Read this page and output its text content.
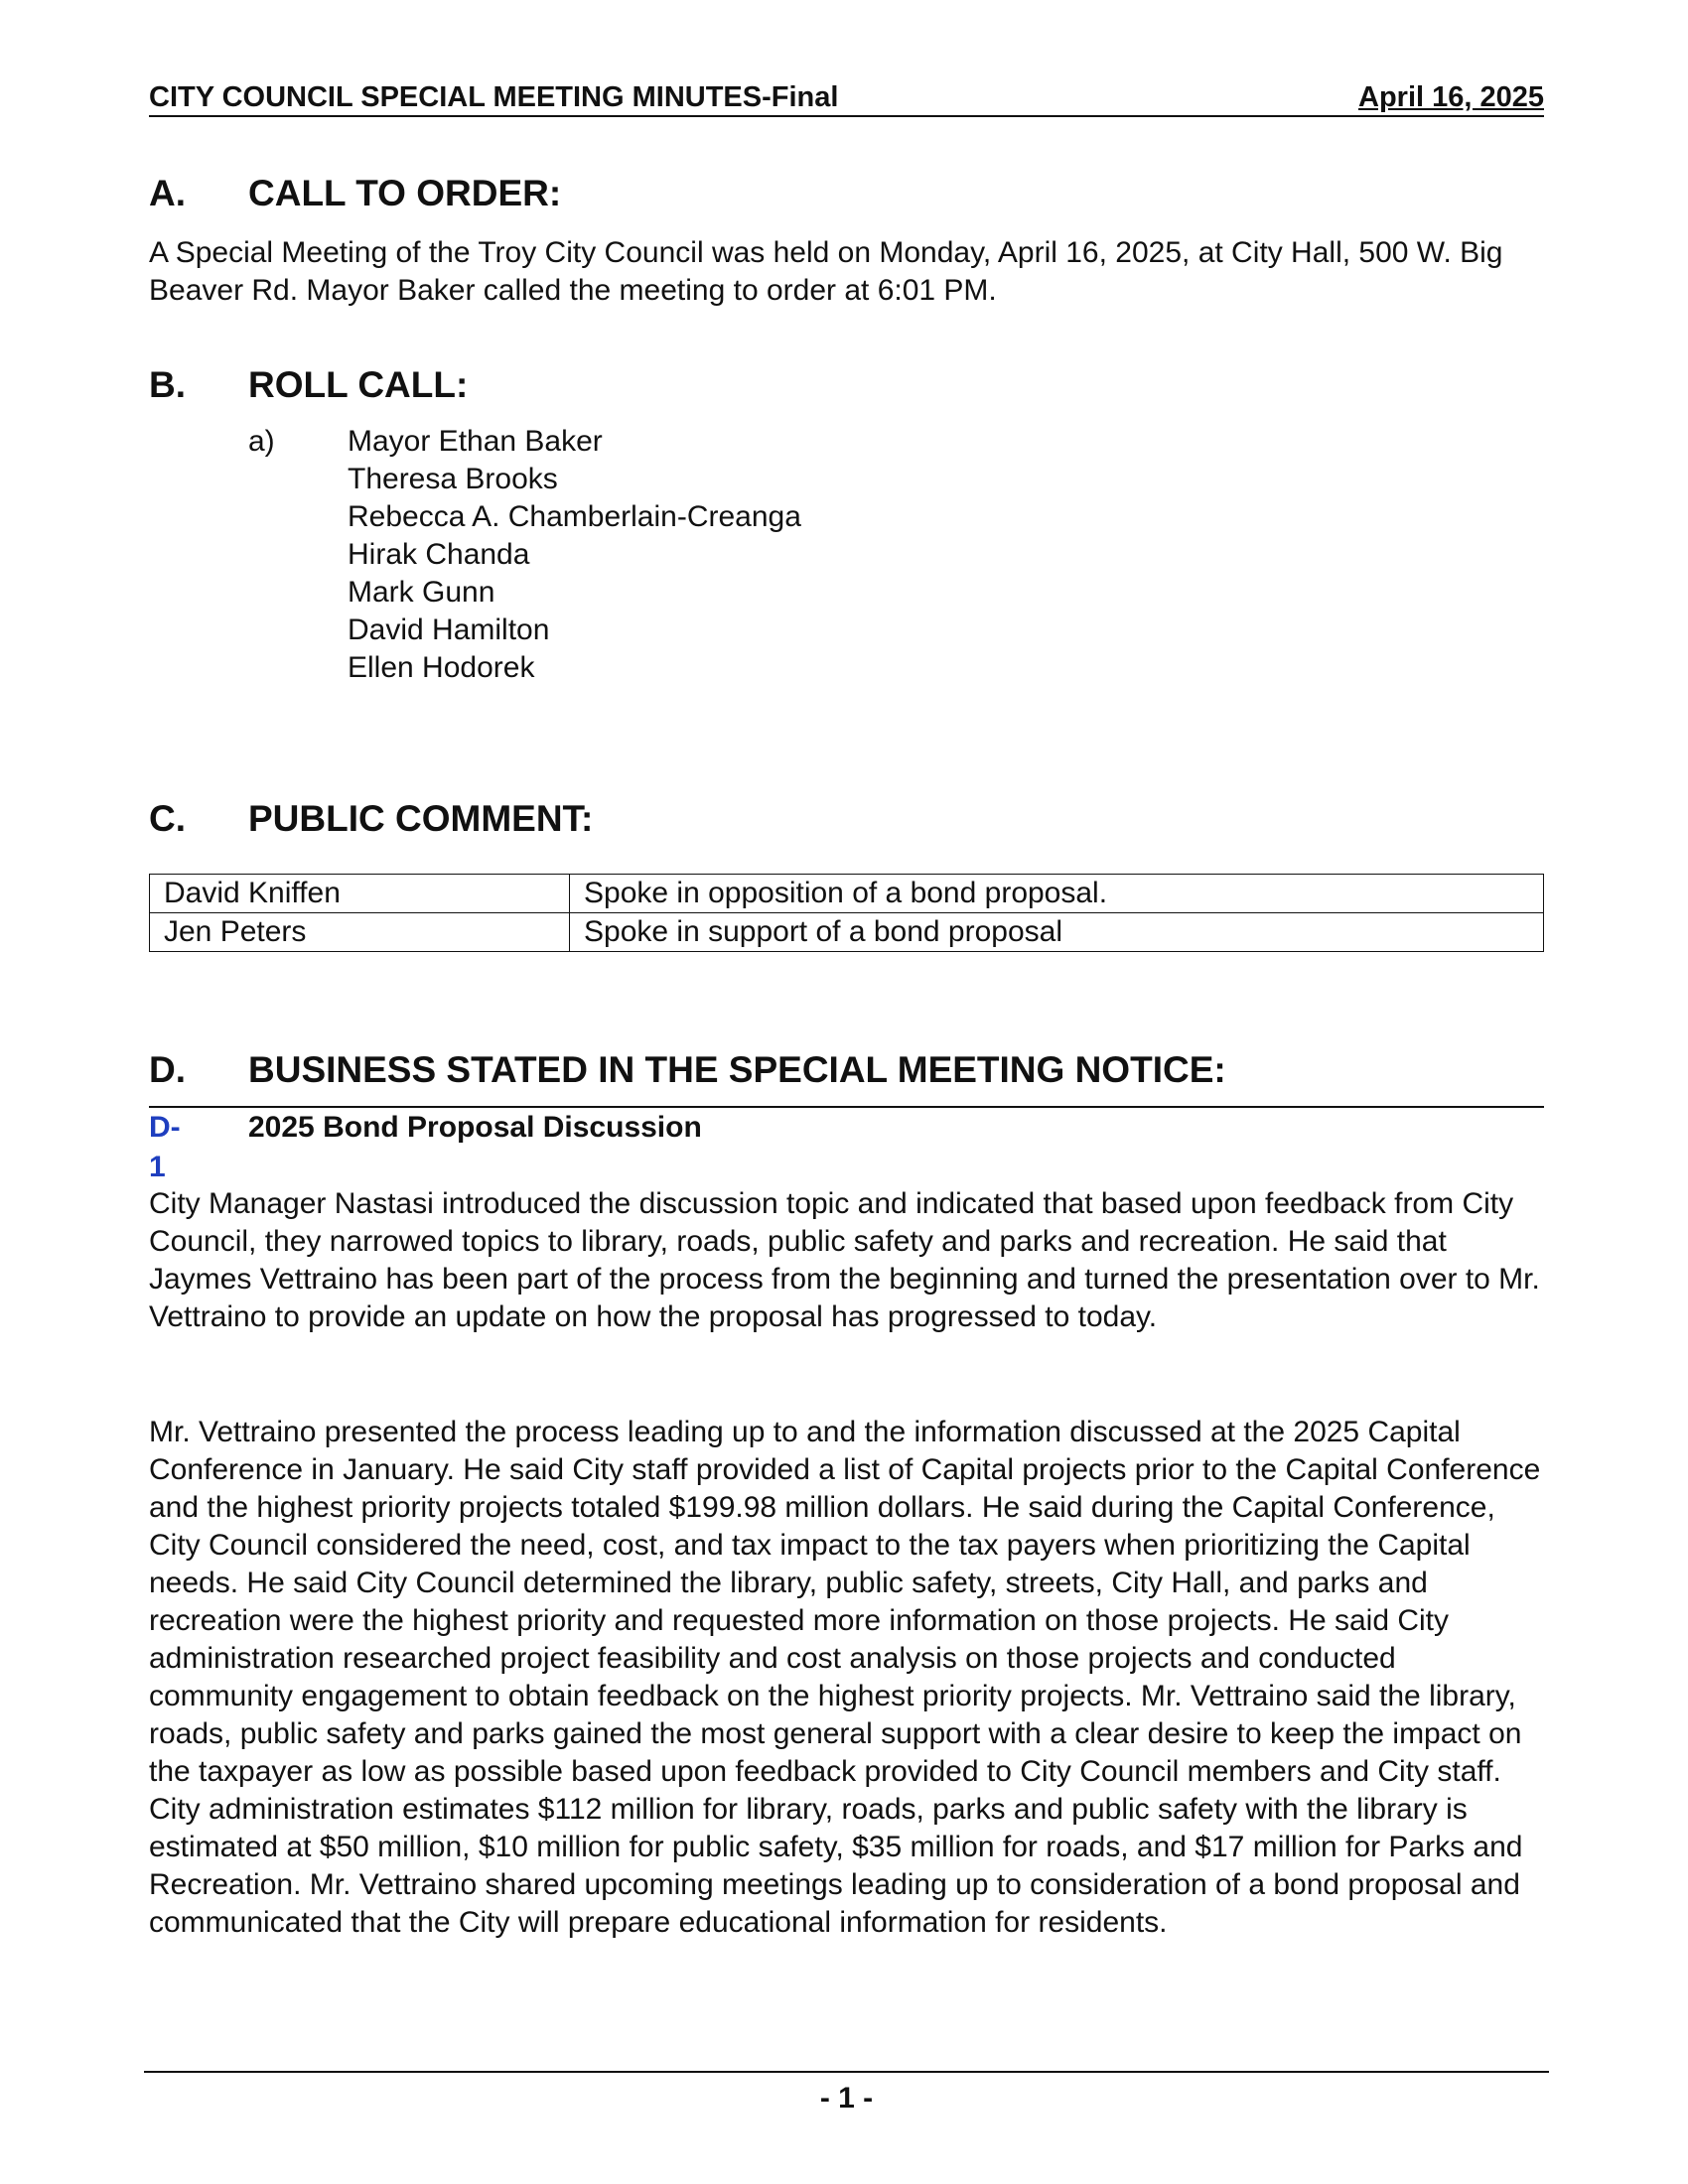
CITY COUNCIL SPECIAL MEETING MINUTES-Final	April 16, 2025
A. CALL TO ORDER:

A Special Meeting of the Troy City Council was held on Monday, April 16, 2025, at City Hall, 500 W. Big Beaver Rd. Mayor Baker called the meeting to order at 6:01 PM.

B. ROLL CALL:
a) Mayor Ethan Baker
Theresa Brooks
Rebecca A. Chamberlain-Creanga
Hirak Chanda
Mark Gunn
David Hamilton
Ellen Hodorek
C. PUBLIC COMMENT:
David Kniffen	Spoke in opposition of a bond proposal.
Jen Peters	Spoke in support of a bond proposal
D. BUSINESS STATED IN THE SPECIAL MEETING NOTICE:
D-1
2025 Bond Proposal Discussion

City Manager Nastasi introduced the discussion topic and indicated that based upon feedback from City Council, they narrowed topics to library, roads, public safety and parks and recreation. He said that Jaymes Vettraino has been part of the process from the beginning and turned the presentation over to Mr. Vettraino to provide an update on how the proposal has progressed to today.

Mr. Vettraino presented the process leading up to and the information discussed at the 2025 Capital Conference in January. He said City staff provided a list of Capital projects prior to the Capital Conference and the highest priority projects totaled $199.98 million dollars. He said during the Capital Conference, City Council considered the need, cost, and tax impact to the tax payers when prioritizing the Capital needs. He said City Council determined the library, public safety, streets, City Hall, and parks and recreation were the highest priority and requested more information on those projects. He said City administration researched project feasibility and cost analysis on those projects and conducted community engagement to obtain feedback on the highest priority projects. Mr. Vettraino said the library, roads, public safety and parks gained the most general support with a clear desire to keep the impact on the taxpayer as low as possible based upon feedback provided to City Council members and City staff. City administration estimates $112 million for library, roads, parks and public safety with the library is estimated at $50 million, $10 million for public safety, $35 million for roads, and $17 million for Parks and Recreation. Mr. Vettraino shared upcoming meetings leading up to consideration of a bond proposal and communicated that the City will prepare educational information for residents.

- 1 -
